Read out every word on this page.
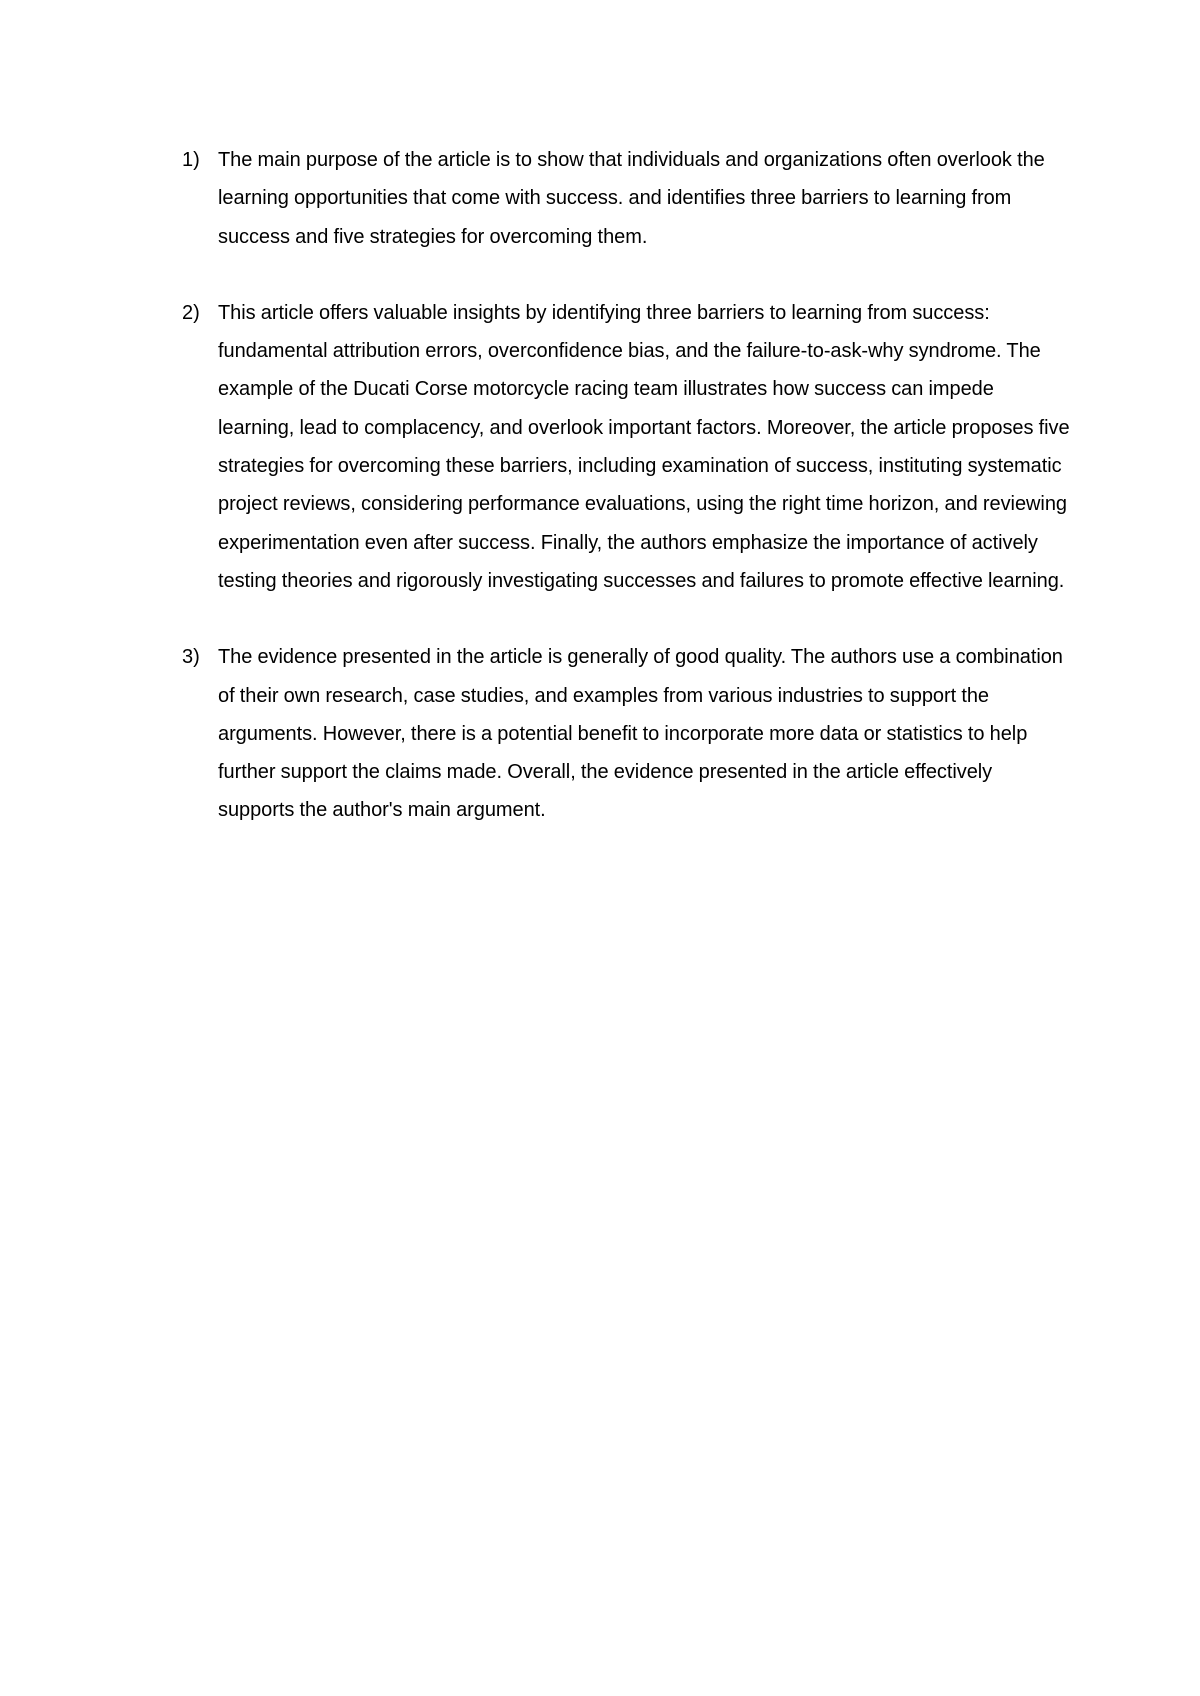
1) The main purpose of the article is to show that individuals and organizations often overlook the learning opportunities that come with success. and identifies three barriers to learning from success and five strategies for overcoming them.

2) This article offers valuable insights by identifying three barriers to learning from success: fundamental attribution errors, overconfidence bias, and the failure-to-ask-why syndrome. The example of the Ducati Corse motorcycle racing team illustrates how success can impede learning, lead to complacency, and overlook important factors. Moreover, the article proposes five strategies for overcoming these barriers, including examination of success, instituting systematic project reviews, considering performance evaluations, using the right time horizon, and reviewing experimentation even after success. Finally, the authors emphasize the importance of actively testing theories and rigorously investigating successes and failures to promote effective learning.

3) The evidence presented in the article is generally of good quality. The authors use a combination of their own research, case studies, and examples from various industries to support the arguments. However, there is a potential benefit to incorporate more data or statistics to help further support the claims made. Overall, the evidence presented in the article effectively supports the author's main argument.
